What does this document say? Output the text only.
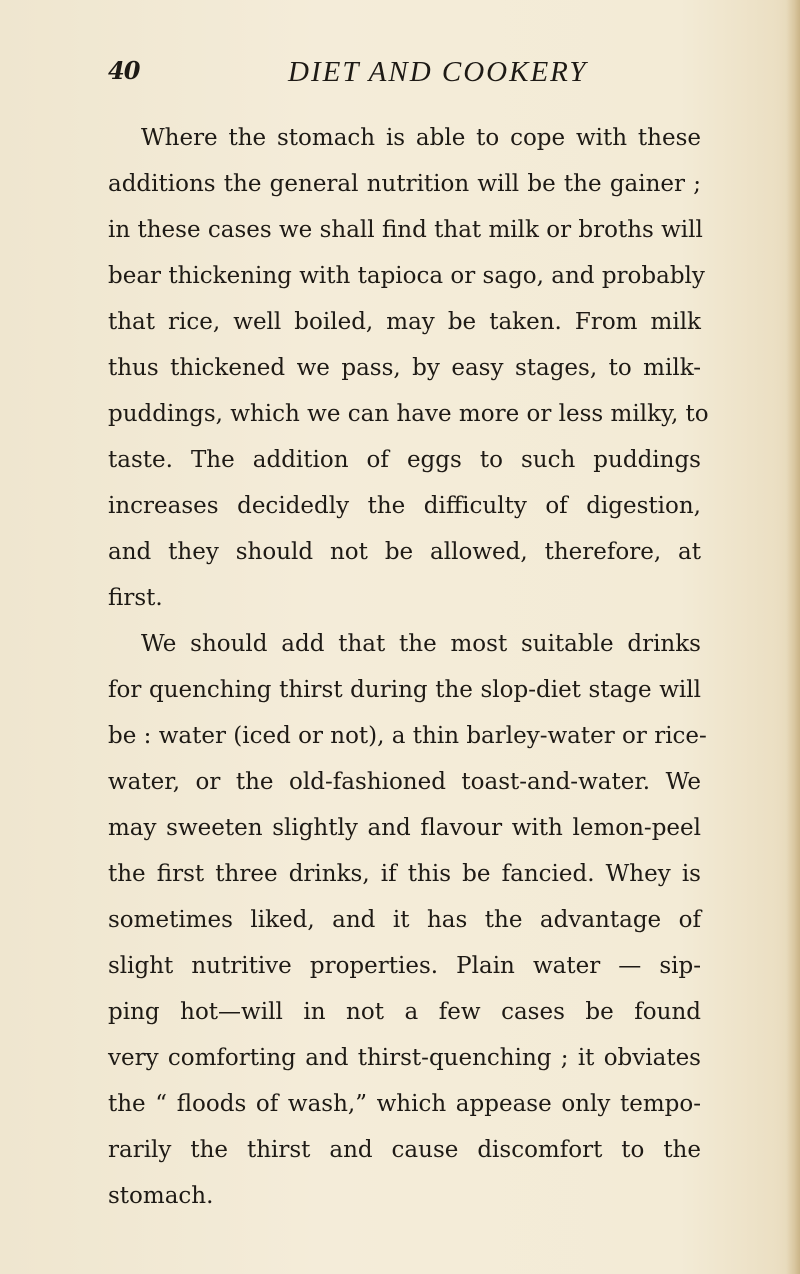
40	DIET AND COOKERY
Where the stomach is able to cope with these
additions the general nutrition will be the gainer ;
in these cases we shall find that milk or broths will
bear thickening with tapioca or sago, and probably
that rice, well boiled, may be taken. From milk
thus thickened we pass, by easy stages, to milk-
puddings, which we can have more or less milky, to
taste. The addition of eggs to such puddings
increases decidedly the difficulty of digestion,
and they should not be allowed, therefore, at
first.
We should add that the most suitable drinks
for quenching thirst during the slop-diet stage will
be : water (iced or not), a thin barley-water or rice-
water, or the old-fashioned toast-and-water. We
may sweeten slightly and flavour with lemon-peel
the first three drinks, if this be fancied. Whey is
sometimes liked, and it has the advantage of
slight nutritive properties. Plain water — sip-
ping hot—will in not a few cases be found
very comforting and thirst-quenching ; it obviates
the “ floods of wash,” which appease only tempo-
rarily the thirst and cause discomfort to the
stomach.
